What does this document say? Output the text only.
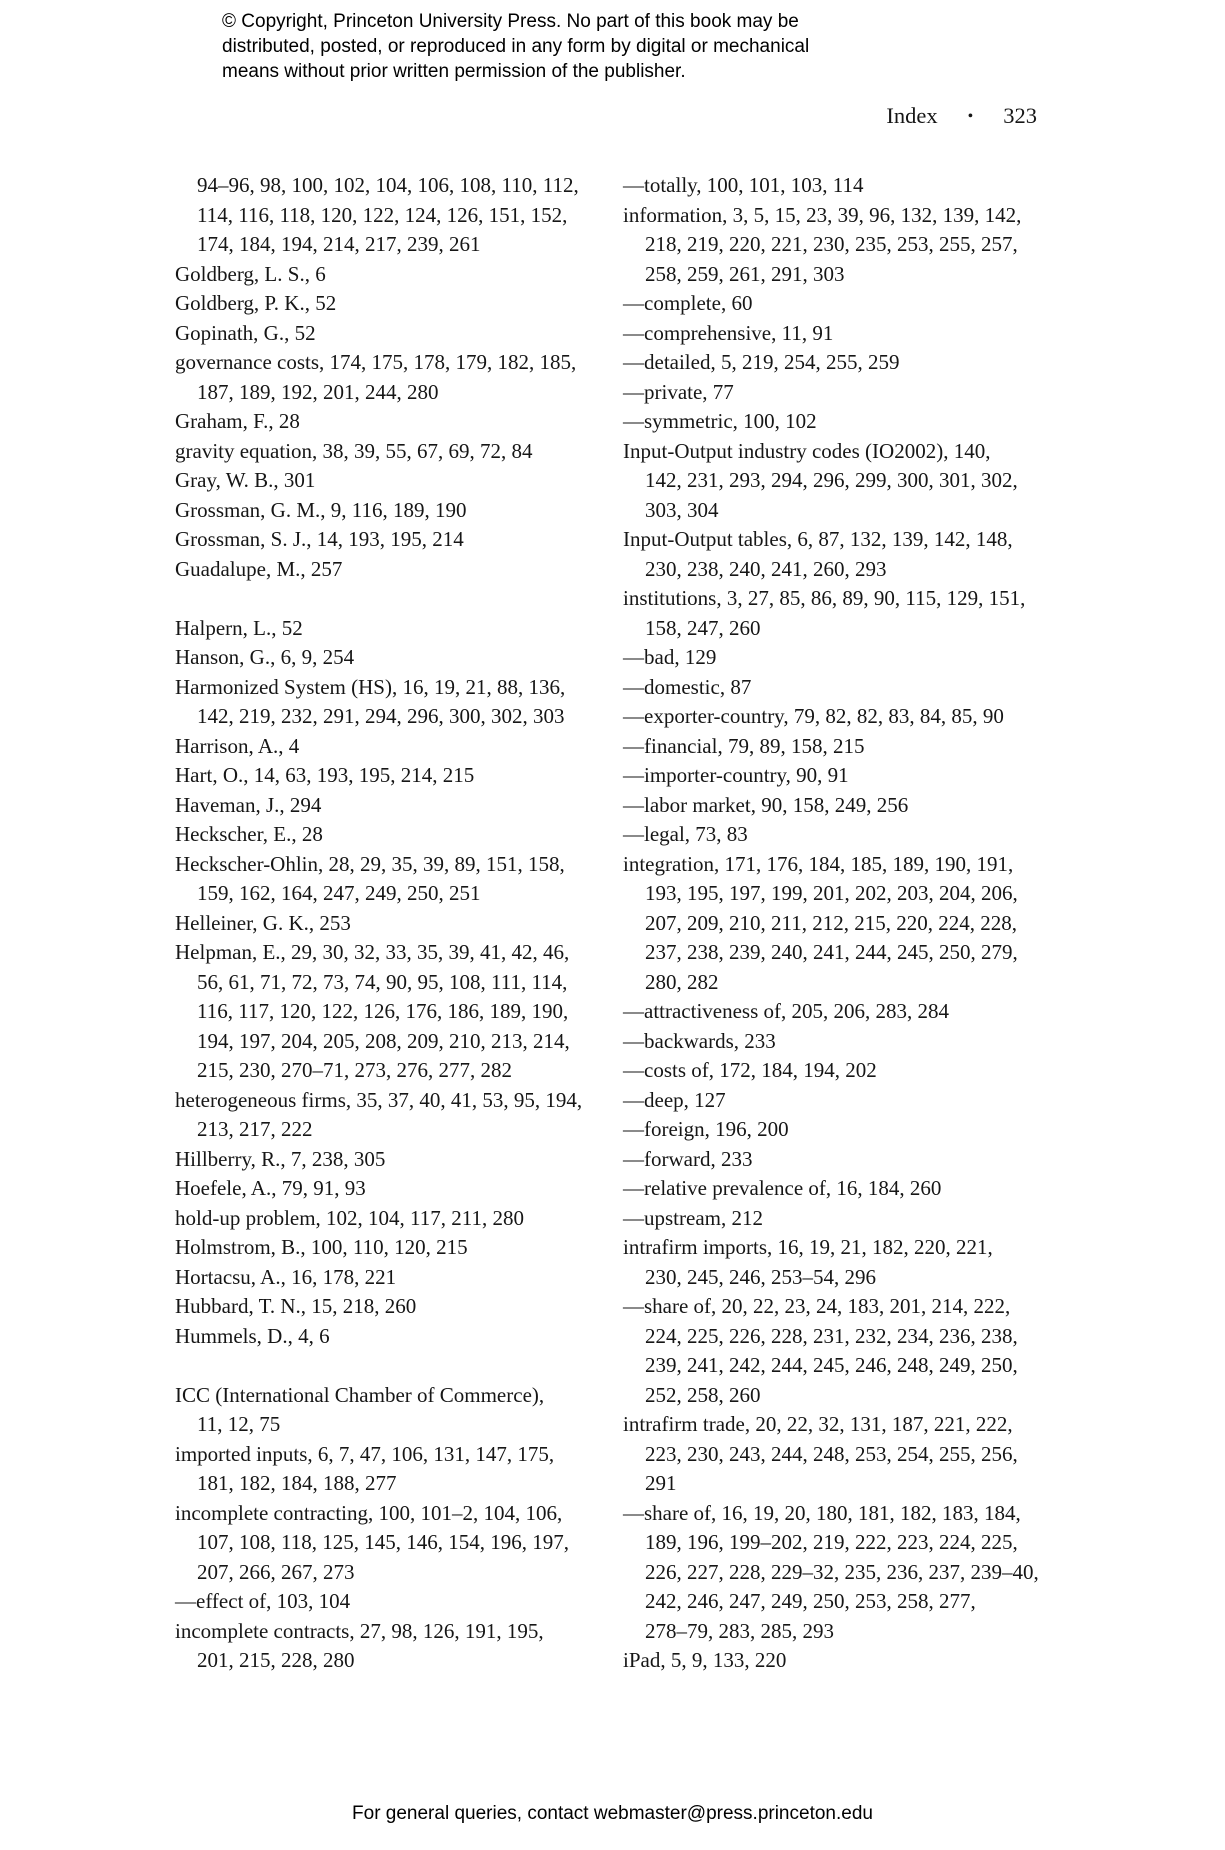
© Copyright, Princeton University Press. No part of this book may be
distributed, posted, or reproduced in any form by digital or mechanical
means without prior written permission of the publisher.
Index • 323
94–96, 98, 100, 102, 104, 106, 108, 110, 112,
114, 116, 118, 120, 122, 124, 126, 151, 152,
174, 184, 194, 214, 217, 239, 261
Goldberg, L. S., 6
Goldberg, P. K., 52
Gopinath, G., 52
governance costs, 174, 175, 178, 179, 182, 185,
187, 189, 192, 201, 244, 280
Graham, F., 28
gravity equation, 38, 39, 55, 67, 69, 72, 84
Gray, W. B., 301
Grossman, G. M., 9, 116, 189, 190
Grossman, S. J., 14, 193, 195, 214
Guadalupe, M., 257
Halpern, L., 52
Hanson, G., 6, 9, 254
Harmonized System (HS), 16, 19, 21, 88, 136,
142, 219, 232, 291, 294, 296, 300, 302, 303
Harrison, A., 4
Hart, O., 14, 63, 193, 195, 214, 215
Haveman, J., 294
Heckscher, E., 28
Heckscher-Ohlin, 28, 29, 35, 39, 89, 151, 158,
159, 162, 164, 247, 249, 250, 251
Helleiner, G. K., 253
Helpman, E., 29, 30, 32, 33, 35, 39, 41, 42, 46,
56, 61, 71, 72, 73, 74, 90, 95, 108, 111, 114,
116, 117, 120, 122, 126, 176, 186, 189, 190,
194, 197, 204, 205, 208, 209, 210, 213, 214,
215, 230, 270–71, 273, 276, 277, 282
heterogeneous firms, 35, 37, 40, 41, 53, 95, 194,
213, 217, 222
Hillberry, R., 7, 238, 305
Hoefele, A., 79, 91, 93
hold-up problem, 102, 104, 117, 211, 280
Holmstrom, B., 100, 110, 120, 215
Hortacsu, A., 16, 178, 221
Hubbard, T. N., 15, 218, 260
Hummels, D., 4, 6
ICC (International Chamber of Commerce),
11, 12, 75
imported inputs, 6, 7, 47, 106, 131, 147, 175,
181, 182, 184, 188, 277
incomplete contracting, 100, 101–2, 104, 106,
107, 108, 118, 125, 145, 146, 154, 196, 197,
207, 266, 267, 273
—effect of, 103, 104
incomplete contracts, 27, 98, 126, 191, 195,
201, 215, 228, 280
—totally, 100, 101, 103, 114
information, 3, 5, 15, 23, 39, 96, 132, 139, 142,
218, 219, 220, 221, 230, 235, 253, 255, 257,
258, 259, 261, 291, 303
—complete, 60
—comprehensive, 11, 91
—detailed, 5, 219, 254, 255, 259
—private, 77
—symmetric, 100, 102
Input-Output industry codes (IO2002), 140,
142, 231, 293, 294, 296, 299, 300, 301, 302,
303, 304
Input-Output tables, 6, 87, 132, 139, 142, 148,
230, 238, 240, 241, 260, 293
institutions, 3, 27, 85, 86, 89, 90, 115, 129, 151,
158, 247, 260
—bad, 129
—domestic, 87
—exporter-country, 79, 82, 82, 83, 84, 85, 90
—financial, 79, 89, 158, 215
—importer-country, 90, 91
—labor market, 90, 158, 249, 256
—legal, 73, 83
integration, 171, 176, 184, 185, 189, 190, 191,
193, 195, 197, 199, 201, 202, 203, 204, 206,
207, 209, 210, 211, 212, 215, 220, 224, 228,
237, 238, 239, 240, 241, 244, 245, 250, 279,
280, 282
—attractiveness of, 205, 206, 283, 284
—backwards, 233
—costs of, 172, 184, 194, 202
—deep, 127
—foreign, 196, 200
—forward, 233
—relative prevalence of, 16, 184, 260
—upstream, 212
intrafirm imports, 16, 19, 21, 182, 220, 221,
230, 245, 246, 253–54, 296
—share of, 20, 22, 23, 24, 183, 201, 214, 222,
224, 225, 226, 228, 231, 232, 234, 236, 238,
239, 241, 242, 244, 245, 246, 248, 249, 250,
252, 258, 260
intrafirm trade, 20, 22, 32, 131, 187, 221, 222,
223, 230, 243, 244, 248, 253, 254, 255, 256,
291
—share of, 16, 19, 20, 180, 181, 182, 183, 184,
189, 196, 199–202, 219, 222, 223, 224, 225,
226, 227, 228, 229–32, 235, 236, 237, 239–40,
242, 246, 247, 249, 250, 253, 258, 277,
278–79, 283, 285, 293
iPad, 5, 9, 133, 220
For general queries, contact webmaster@press.princeton.edu
